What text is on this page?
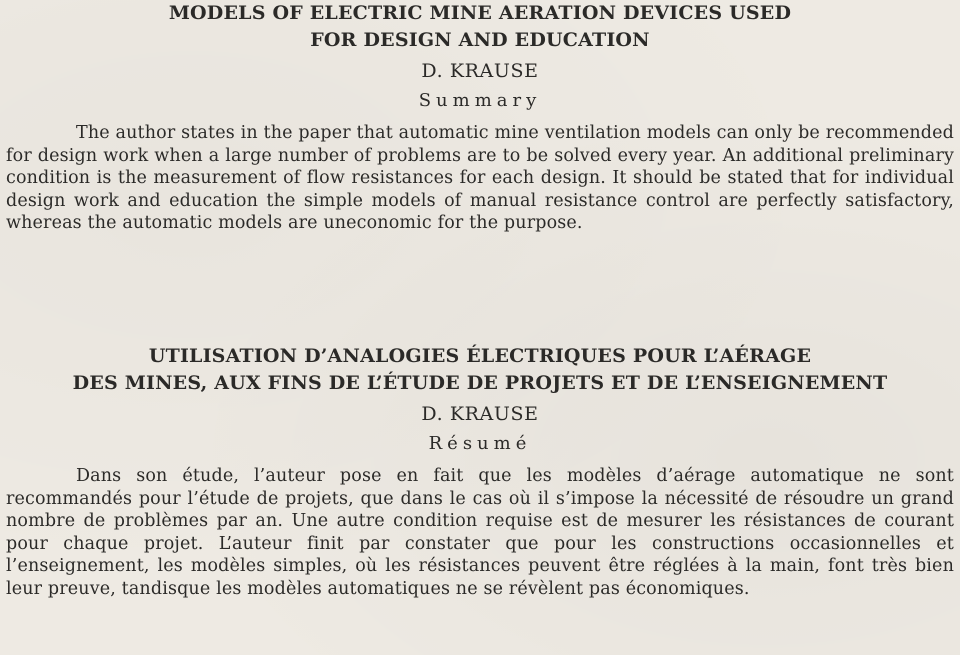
MODELS OF ELECTRIC MINE AERATION DEVICES USED
FOR DESIGN AND EDUCATION
D. KRAUSE
Summary

The author states in the paper that automatic mine ventilation models can only be recommended for design work when a large number of problems are to be solved every year. An additional preliminary condition is the measurement of flow resistances for each design. It should be stated that for individual design work and education the simple models of manual resistance control are perfectly satisfactory, whereas the automatic models are uneconomic for the purpose.

UTILISATION D’ANALOGIES ÉLECTRIQUES POUR L’AÉRAGE
DES MINES, AUX FINS DE L’ÉTUDE DE PROJETS ET DE L’ENSEIGNEMENT
D. KRAUSE
Résumé

Dans son étude, l’auteur pose en fait que les modèles d’aérage automatique ne sont recommandés pour l’étude de projets, que dans le cas où il s’impose la nécessité de résoudre un grand nombre de problèmes par an. Une autre condition requise est de mesurer les résistances de courant pour chaque projet. L’auteur finit par constater que pour les constructions occasionnelles et l’enseignement, les modèles simples, où les résistances peuvent être réglées à la main, font très bien leur preuve, tandisque les modèles automatiques ne se révèlent pas économiques.
